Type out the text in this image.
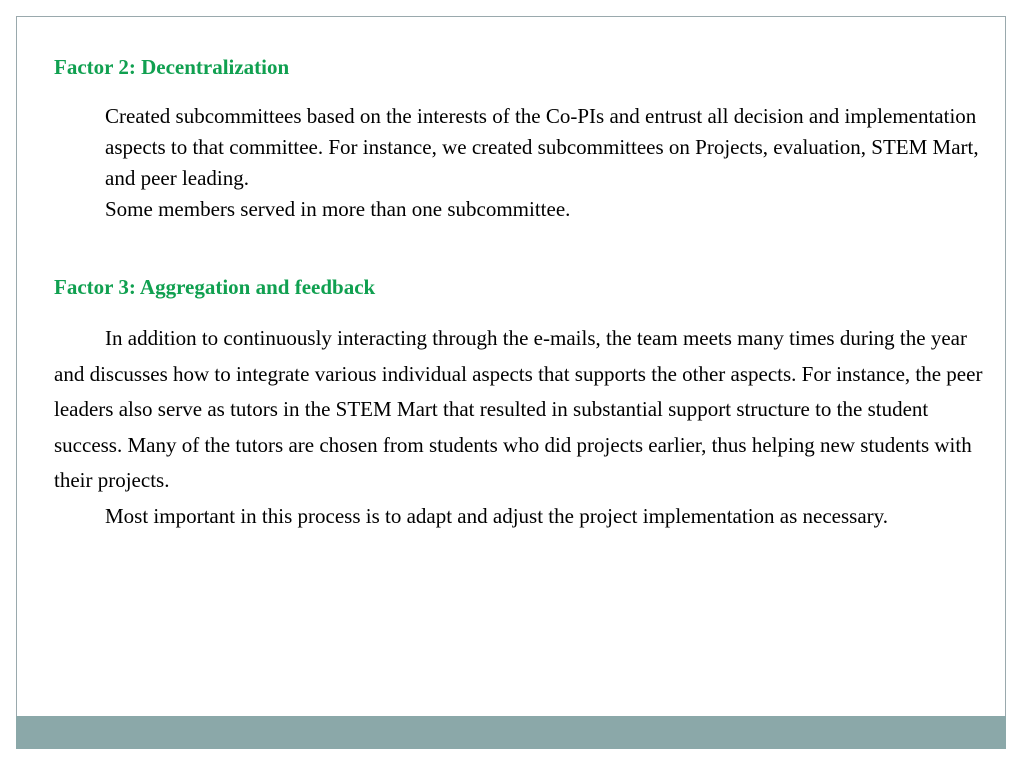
Factor 2: Decentralization

Created subcommittees based on the interests of the Co-PIs and entrust all decision and implementation aspects to that committee. For instance, we created subcommittees on Projects, evaluation, STEM Mart, and peer leading.

Some members served in more than one subcommittee.

Factor 3: Aggregation and feedback

In addition to continuously interacting through the e-mails, the team meets many times during the year and discusses how to integrate various individual aspects that supports the other aspects. For instance, the peer leaders also serve as tutors in the STEM Mart that resulted in substantial support structure to the student success. Many of the tutors are chosen from students who did projects earlier, thus helping new students with their projects.

Most important in this process is to adapt and adjust the project implementation as necessary.
